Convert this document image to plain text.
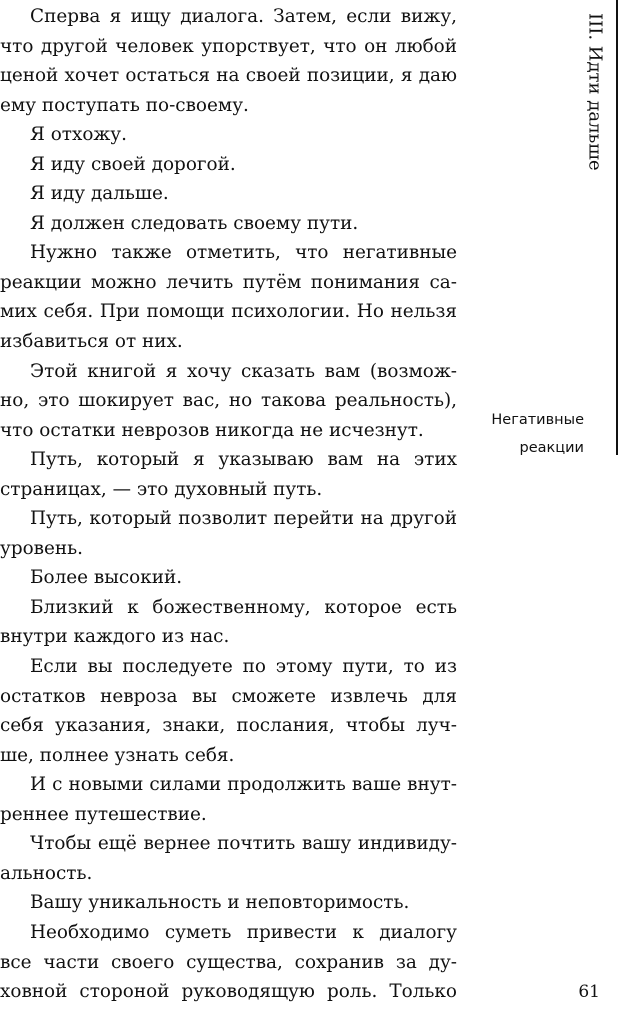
Сперва я ищу диалога. Затем, если вижу,
что другой человек упорствует, что он любой
ценой хочет остаться на своей позиции, я даю
ему поступать по-своему.
Я отхожу.
Я иду своей дорогой.
Я иду дальше.
Я должен следовать своему пути.
Нужно также отметить, что негативные
реакции можно лечить путём понимания са-
мих себя. При помощи психологии. Но нельзя
избавиться от них.
Этой книгой я хочу сказать вам (возмож-
но, это шокирует вас, но такова реальность),
что остатки неврозов никогда не исчезнут.
Путь, который я указываю вам на этих
страницах, — это духовный путь.
Путь, который позволит перейти на другой
уровень.
Более высокий.
Близкий к божественному, которое есть
внутри каждого из нас.
Если вы последуете по этому пути, то из
остатков невроза вы сможете извлечь для
себя указания, знаки, послания, чтобы луч-
ше, полнее узнать себя.
И с новыми силами продолжить ваше внут-
реннее путешествие.
Чтобы ещё вернее почтить вашу индивиду-
альность.
Вашу уникальность и неповторимость.
Необходимо суметь привести к диалогу
все части своего существа, сохранив за ду-
ховной стороной руководящую роль. Только
III. Идти дальше
Негативные
реакции
61
